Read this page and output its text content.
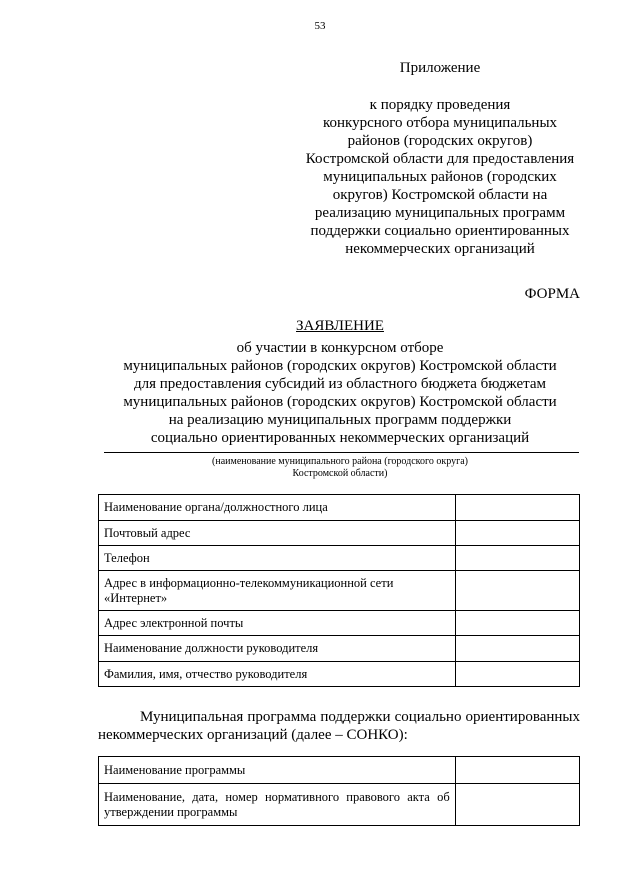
53
Приложение
к порядку проведения
конкурсного отбора муниципальных
районов (городских округов)
Костромской области для предоставления
муниципальных районов (городских
округов) Костромской области на
реализацию муниципальных программ
поддержки социально ориентированных
некоммерческих организаций
ФОРМА
ЗАЯВЛЕНИЕ
об участии в конкурсном отборе
муниципальных районов (городских округов) Костромской области
для предоставления субсидий из областного бюджета бюджетам
муниципальных районов (городских округов) Костромской области
на реализацию муниципальных программ поддержки
социально ориентированных некоммерческих организаций
(наименование муниципального района (городского округа)
Костромской области)
Наименование органа/должностного лица	
Почтовый адрес	
Телефон	
Адрес в информационно-телекоммуникационной сети «Интернет»	
Адрес электронной почты	
Наименование должности руководителя	
Фамилия, имя, отчество руководителя	
Муниципальная программа поддержки социально ориентированных некоммерческих организаций (далее – СОНКО):
Наименование программы	
Наименование, дата, номер нормативного правового акта об утверждении программы	
